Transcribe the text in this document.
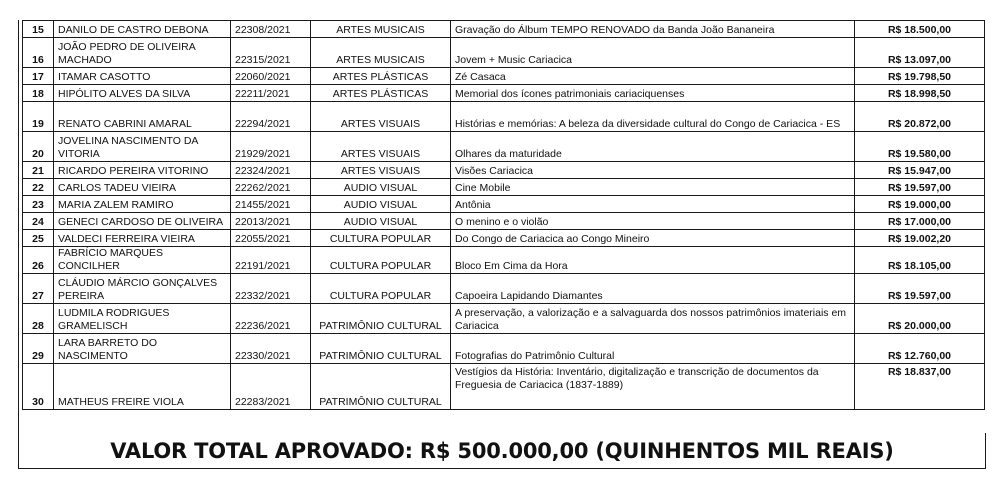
15	DANILO DE CASTRO DEBONA	22308/2021	ARTES MUSICAIS	Gravação do Álbum TEMPO RENOVADO da Banda João Bananeira	R$ 18.500,00
16	JOÃO PEDRO DE OLIVEIRA MACHADO	22315/2021	ARTES MUSICAIS	Jovem + Music Cariacica	R$ 13.097,00
17	ITAMAR CASOTTO	22060/2021	ARTES PLÁSTICAS	Zé Casaca	R$ 19.798,50
18	HIPÓLITO ALVES DA SILVA	22211/2021	ARTES PLÁSTICAS	Memorial dos ícones patrimoniais cariaciquenses	R$ 18.998,50
19	RENATO CABRINI AMARAL	22294/2021	ARTES VISUAIS	Histórias e memórias: A beleza da diversidade cultural do Congo de Cariacica - ES	R$ 20.872,00
20	JOVELINA NASCIMENTO DA VITORIA	21929/2021	ARTES VISUAIS	Olhares da maturidade	R$ 19.580,00
21	RICARDO PEREIRA VITORINO	22324/2021	ARTES VISUAIS	Visões Cariacica	R$ 15.947,00
22	CARLOS TADEU VIEIRA	22262/2021	AUDIO VISUAL	Cine Mobile	R$ 19.597,00
23	MARIA ZALEM RAMIRO	21455/2021	AUDIO VISUAL	Antônia	R$ 19.000,00
24	GENECI CARDOSO DE OLIVEIRA	22013/2021	AUDIO VISUAL	O menino e o violão	R$ 17.000,00
25	VALDECI FERREIRA VIEIRA	22055/2021	CULTURA POPULAR	Do Congo de Cariacica ao Congo Mineiro	R$ 19.002,20
26	FABRÍCIO MARQUES CONCILHER	22191/2021	CULTURA POPULAR	Bloco Em Cima da Hora	R$ 18.105,00
27	CLÁUDIO MÁRCIO GONÇALVES PEREIRA	22332/2021	CULTURA POPULAR	Capoeira Lapidando Diamantes	R$ 19.597,00
28	LUDMILA RODRIGUES GRAMELISCH	22236/2021	PATRIMÔNIO CULTURAL	A preservação, a valorização e a salvaguarda dos nossos patrimônios imateriais em Cariacica	R$ 20.000,00
29	LARA BARRETO DO NASCIMENTO	22330/2021	PATRIMÔNIO CULTURAL	Fotografias do Patrimônio Cultural	R$ 12.760,00
30	MATHEUS FREIRE VIOLA	22283/2021	PATRIMÔNIO CULTURAL	Vestígios da História: Inventário, digitalização e transcrição de documentos da Freguesia de Cariacica (1837-1889)	R$ 18.837,00
VALOR TOTAL APROVADO: R$ 500.000,00 (QUINHENTOS MIL REAIS)
